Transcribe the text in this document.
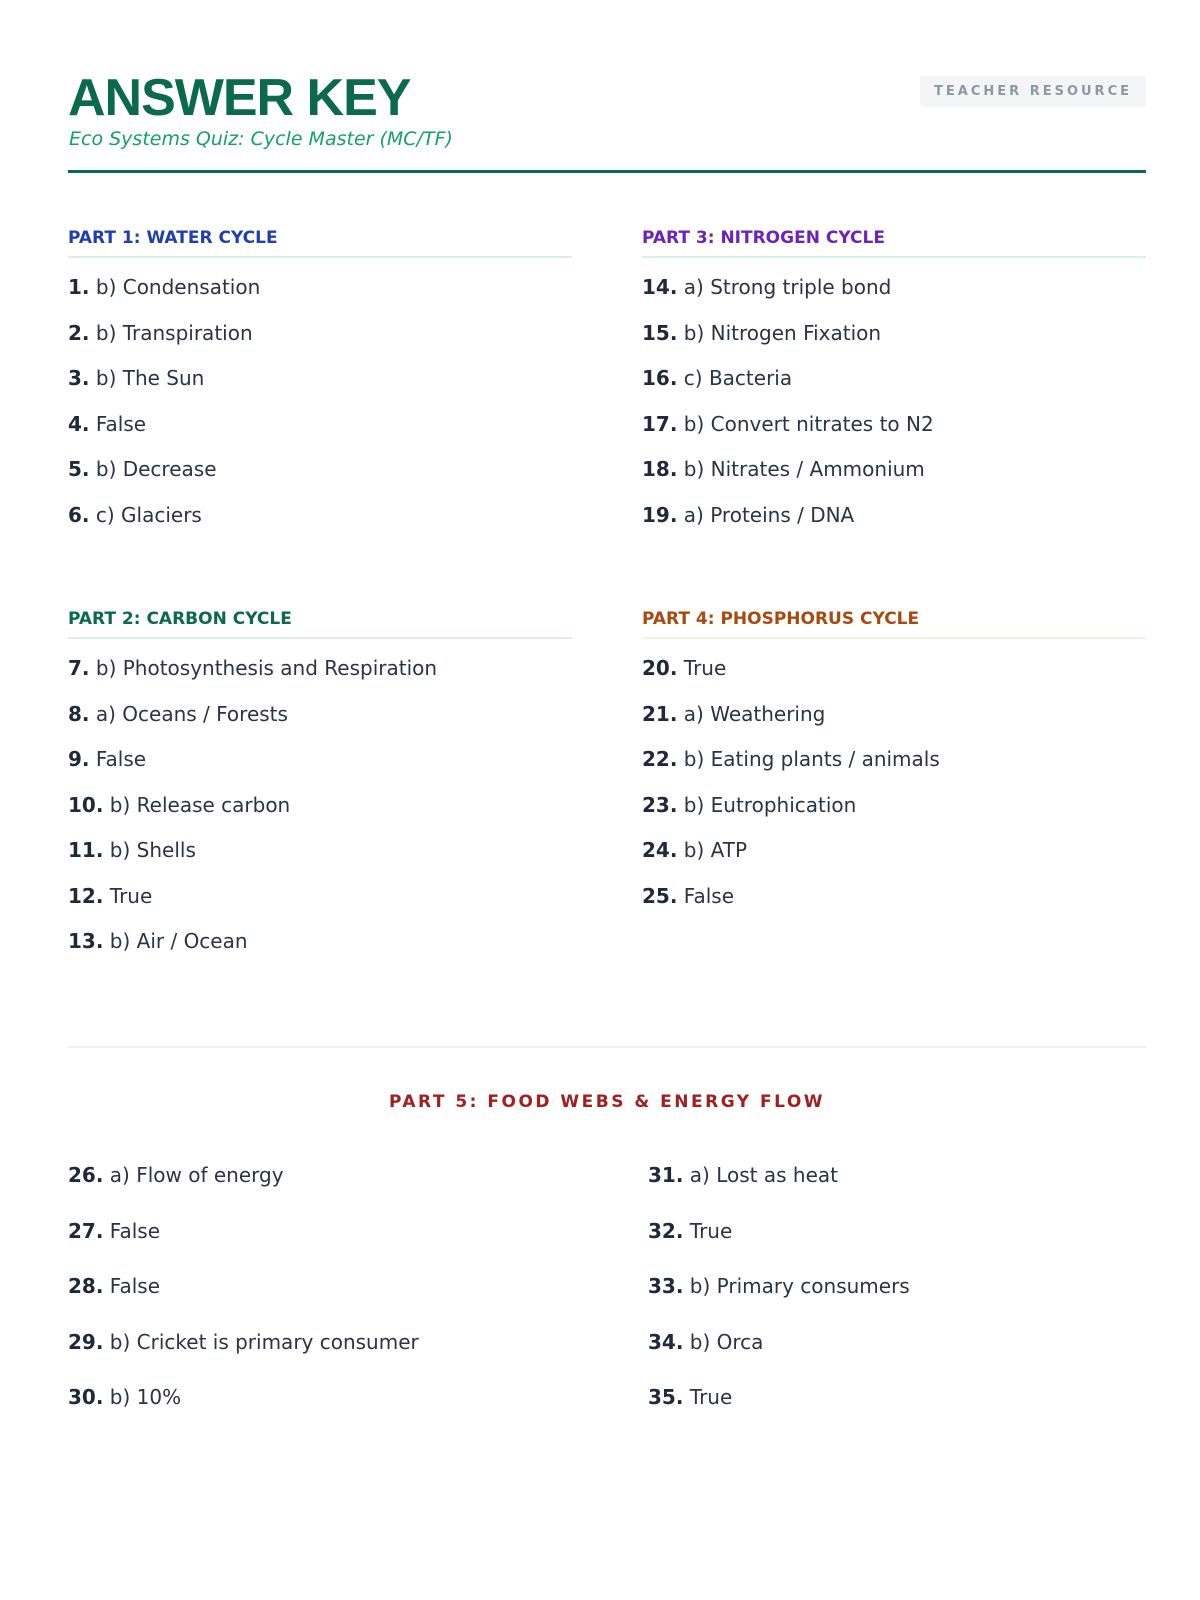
ANSWER KEY
Eco Systems Quiz: Cycle Master (MC/TF)
TEACHER RESOURCE
PART 1: WATER CYCLE
1. b) Condensation
2. b) Transpiration
3. b) The Sun
4. False
5. b) Decrease
6. c) Glaciers
PART 3: NITROGEN CYCLE
14. a) Strong triple bond
15. b) Nitrogen Fixation
16. c) Bacteria
17. b) Convert nitrates to N2
18. b) Nitrates / Ammonium
19. a) Proteins / DNA
PART 2: CARBON CYCLE
7. b) Photosynthesis and Respiration
8. a) Oceans / Forests
9. False
10. b) Release carbon
11. b) Shells
12. True
13. b) Air / Ocean
PART 4: PHOSPHORUS CYCLE
20. True
21. a) Weathering
22. b) Eating plants / animals
23. b) Eutrophication
24. b) ATP
25. False
PART 5: FOOD WEBS & ENERGY FLOW
26. a) Flow of energy
27. False
28. False
29. b) Cricket is primary consumer
30. b) 10%
31. a) Lost as heat
32. True
33. b) Primary consumers
34. b) Orca
35. True
